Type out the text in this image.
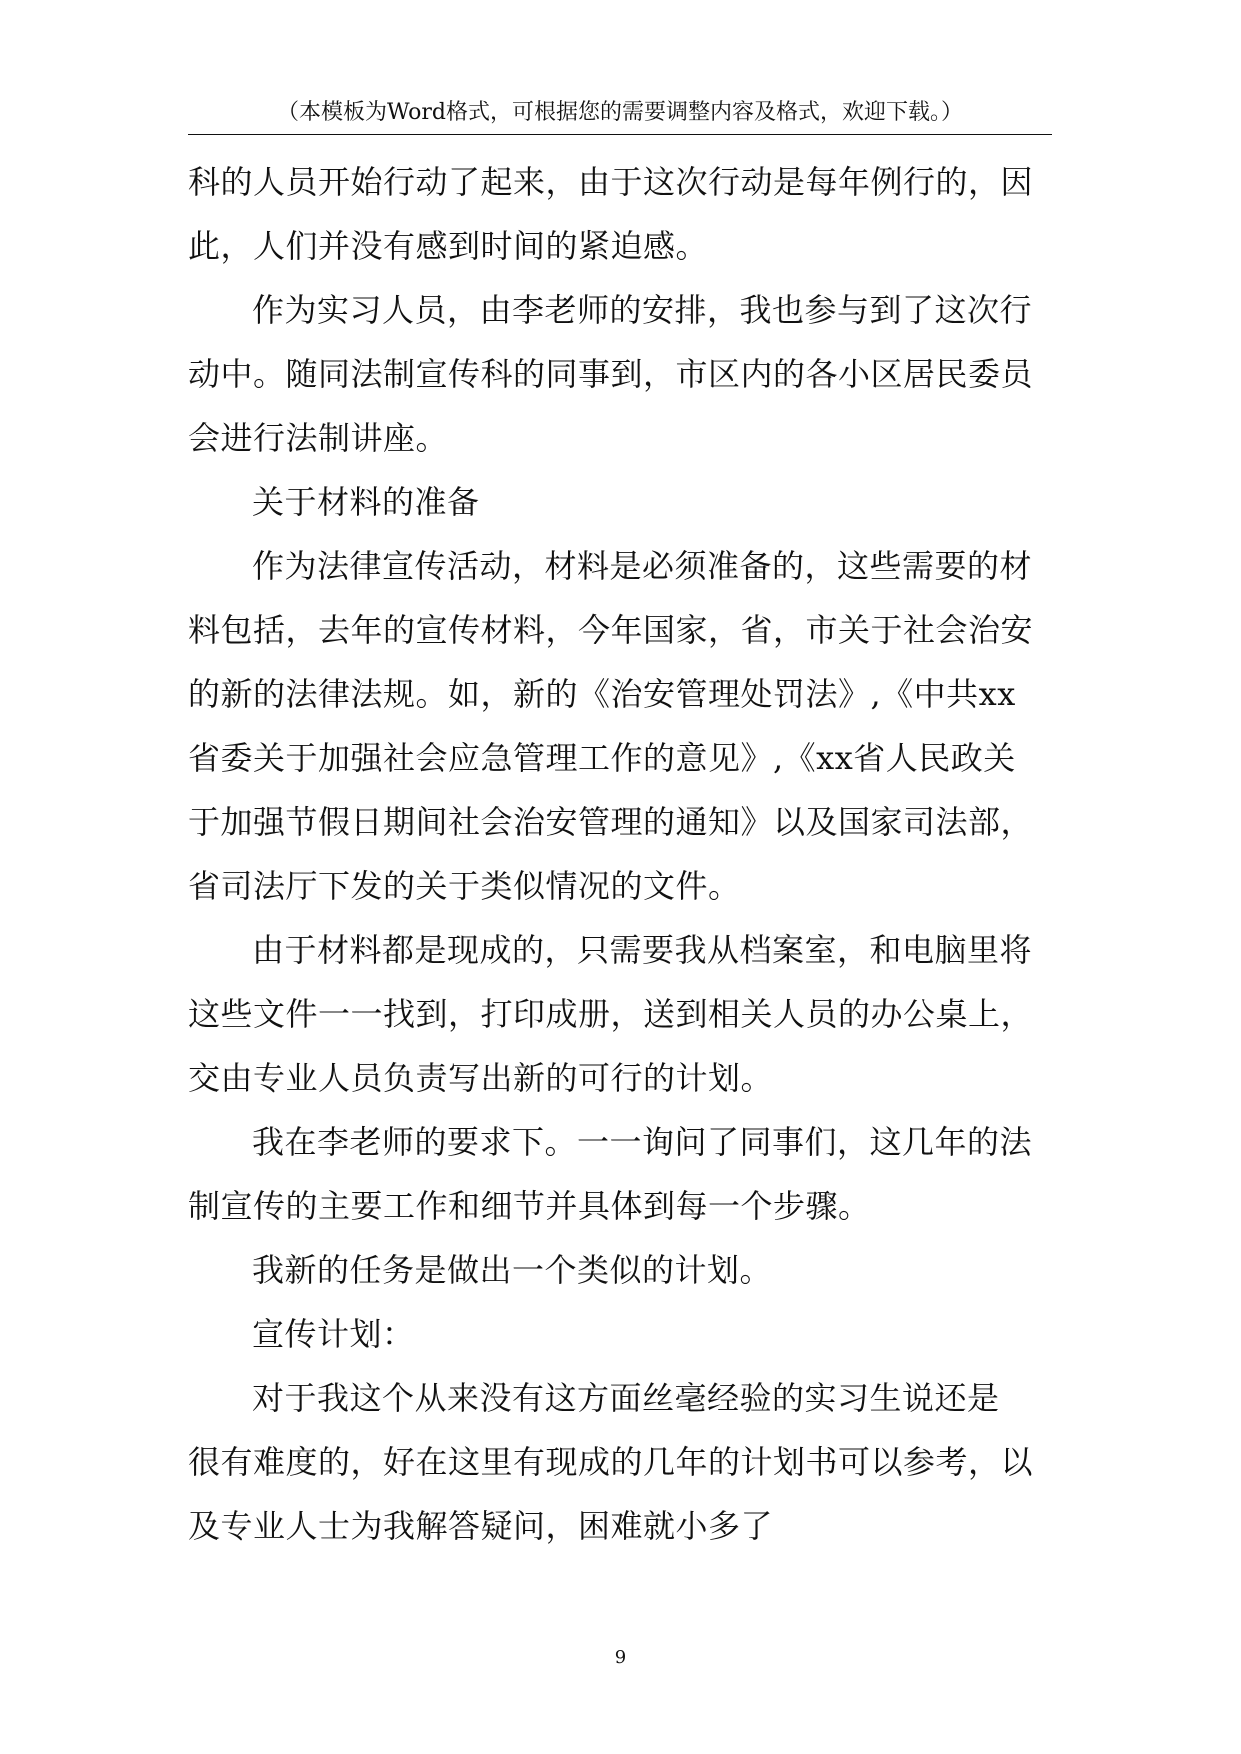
（本模板为Word格式，可根据您的需要调整内容及格式，欢迎下载。）
科的人员开始行动了起来，由于这次行动是每年例行的，因
此，人们并没有感到时间的紧迫感。
作为实习人员，由李老师的安排，我也参与到了这次行
动中。随同法制宣传科的同事到，市区内的各小区居民委员
会进行法制讲座。
关于材料的准备
作为法律宣传活动，材料是必须准备的，这些需要的材
料包括，去年的宣传材料，今年国家，省，市关于社会治安
的新的法律法规。如，新的《治安管理处罚法》,《中共xx
省委关于加强社会应急管理工作的意见》,《xx省人民政关
于加强节假日期间社会治安管理的通知》以及国家司法部，
省司法厅下发的关于类似情况的文件。
由于材料都是现成的，只需要我从档案室，和电脑里将
这些文件一一找到，打印成册，送到相关人员的办公桌上，
交由专业人员负责写出新的可行的计划。
我在李老师的要求下。一一询问了同事们，这几年的法
制宣传的主要工作和细节并具体到每一个步骤。
我新的任务是做出一个类似的计划。
宣传计划：
对于我这个从来没有这方面丝毫经验的实习生说还是
很有难度的，好在这里有现成的几年的计划书可以参考，以
及专业人士为我解答疑问，困难就小多了
9
